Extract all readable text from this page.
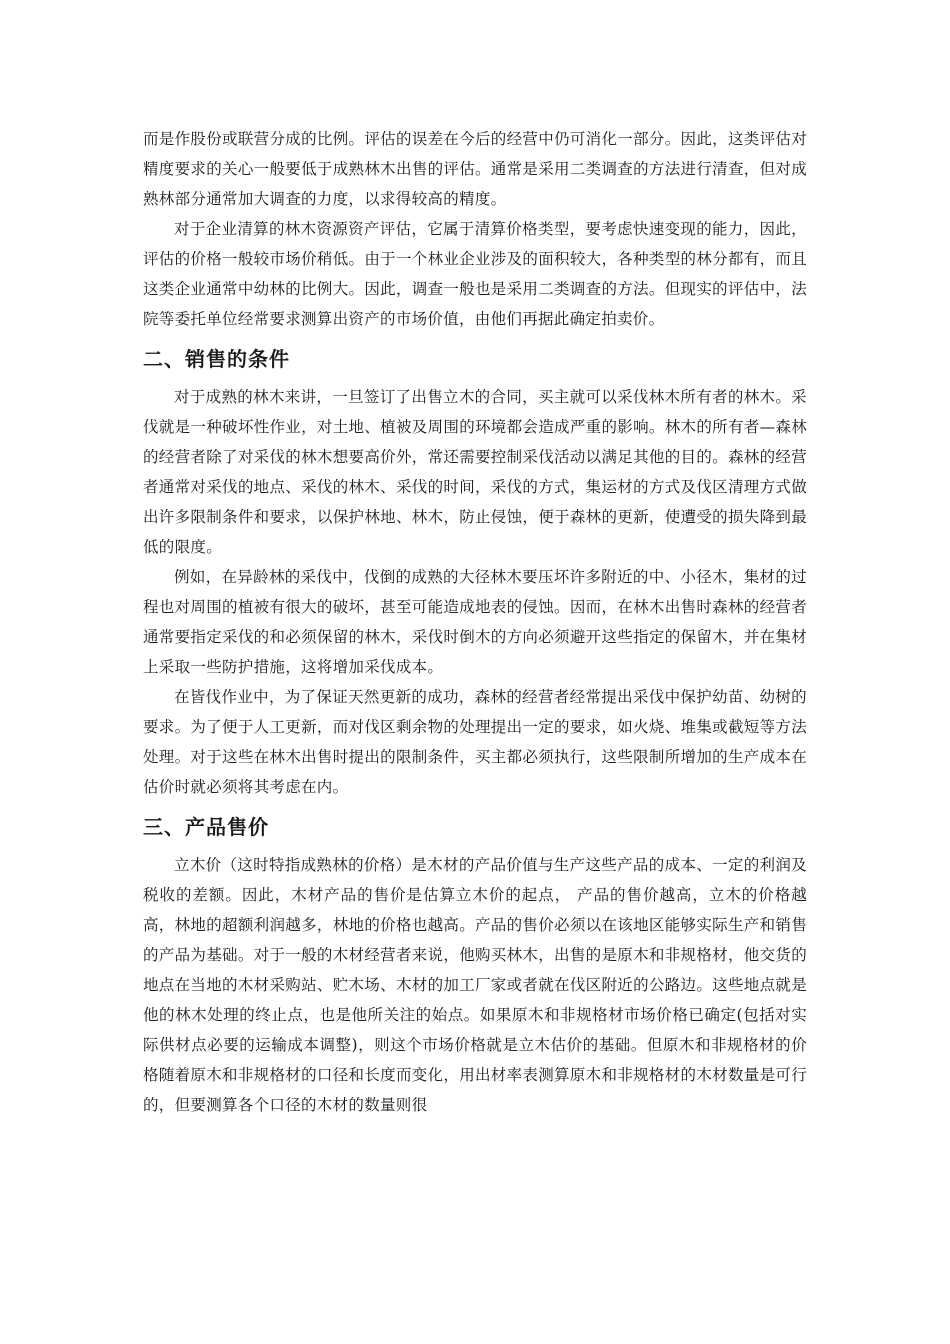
而是作股份或联营分成的比例。评估的误差在今后的经营中仍可消化一部分。因此，这类评估对精度要求的关心一般要低于成熟林木出售的评估。通常是采用二类调查的方法进行清查，但对成熟林部分通常加大调查的力度，以求得较高的精度。

对于企业清算的林木资源资产评估，它属于清算价格类型，要考虑快速变现的能力，因此，评估的价格一般较市场价稍低。由于一个林业企业涉及的面积较大，各种类型的林分都有，而且这类企业通常中幼林的比例大。因此，调查一般也是采用二类调查的方法。但现实的评估中，法院等委托单位经常要求测算出资产的市场价值，由他们再据此确定拍卖价。

二、销售的条件

对于成熟的林木来讲，一旦签订了出售立木的合同，买主就可以采伐林木所有者的林木。采伐就是一种破坏性作业，对土地、植被及周围的环境都会造成严重的影响。林木的所有者—森林的经营者除了对采伐的林木想要高价外，常还需要控制采伐活动以满足其他的目的。森林的经营者通常对采伐的地点、采伐的林木、采伐的时间，采伐的方式，集运材的方式及伐区清理方式做出许多限制条件和要求，以保护林地、林木，防止侵蚀，便于森林的更新，使遭受的损失降到最低的限度。

例如，在异龄林的采伐中，伐倒的成熟的大径林木要压坏许多附近的中、小径木，集材的过程也对周围的植被有很大的破坏，甚至可能造成地表的侵蚀。因而，在林木出售时森林的经营者通常要指定采伐的和必须保留的林木，采伐时倒木的方向必须避开这些指定的保留木，并在集材上采取一些防护措施，这将增加采伐成本。

在皆伐作业中，为了保证天然更新的成功，森林的经营者经常提出采伐中保护幼苗、幼树的要求。为了便于人工更新，而对伐区剩余物的处理提出一定的要求，如火烧、堆集或截短等方法处理。对于这些在林木出售时提出的限制条件，买主都必须执行，这些限制所增加的生产成本在估价时就必须将其考虑在内。

三、产品售价

立木价（这时特指成熟林的价格）是木材的产品价值与生产这些产品的成本、一定的利润及税收的差额。因此，木材产品的售价是估算立木价的起点， 产品的售价越高，立木的价格越高，林地的超额利润越多，林地的价格也越高。产品的售价必须以在该地区能够实际生产和销售的产品为基础。对于一般的木材经营者来说，他购买林木，出售的是原木和非规格材，他交货的地点在当地的木材采购站、贮木场、木材的加工厂家或者就在伐区附近的公路边。这些地点就是他的林木处理的终止点，也是他所关注的始点。如果原木和非规格材市场价格已确定(包括对实际供材点必要的运输成本调整)，则这个市场价格就是立木估价的基础。但原木和非规格材的价格随着原木和非规格材的口径和长度而变化，用出材率表测算原木和非规格材的木材数量是可行的，但要测算各个口径的木材的数量则很
